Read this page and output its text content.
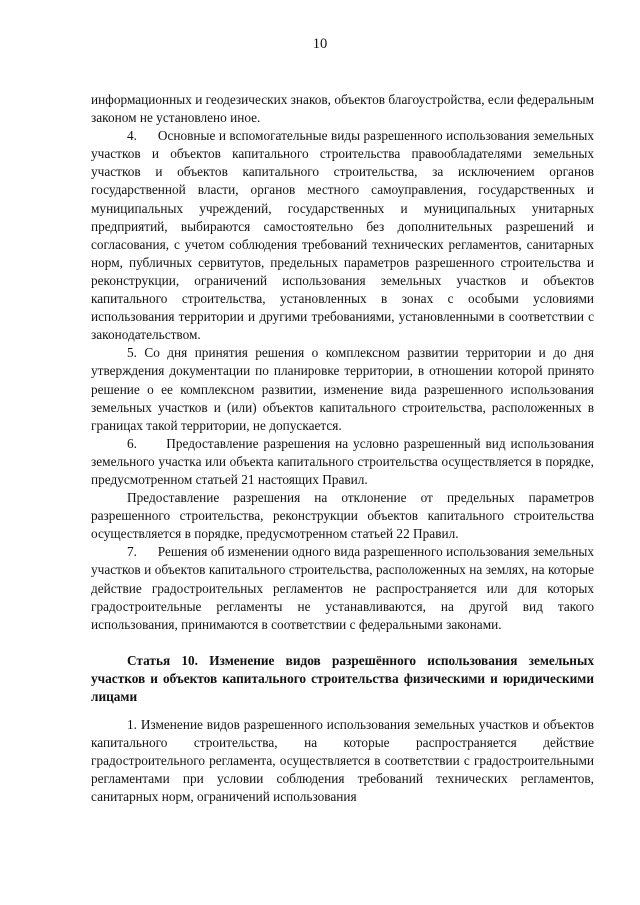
10

информационных и геодезических знаков, объектов благоустройства, если федеральным законом не установлено иное.

4.      Основные и вспомогательные виды разрешенного использования земельных участков и объектов капитального строительства правообладателями земельных участков и объектов капитального строительства, за исключением органов государственной власти, органов местного самоуправления, государственных и муниципальных учреждений, государственных и муниципальных унитарных предприятий, выбираются самостоятельно без дополнительных разрешений и согласования, с учетом соблюдения требований технических регламентов, санитарных норм, публичных сервитутов, предельных параметров разрешенного строительства и реконструкции, ограничений использования земельных участков и объектов капитального строительства, установленных в зонах с особыми условиями использования территории и другими требованиями, установленными в соответствии с законодательством.

5. Со дня принятия решения о комплексном развитии территории и до дня утверждения документации по планировке территории, в отношении которой принято решение о ее комплексном развитии, изменение вида разрешенного использования земельных участков и (или) объектов капитального строительства, расположенных в границах такой территории, не допускается.

6.      Предоставление разрешения на условно разрешенный вид использования земельного участка или объекта капитального строительства осуществляется в порядке, предусмотренном статьей 21 настоящих Правил.

Предоставление разрешения на отклонение от предельных параметров разрешенного строительства, реконструкции объектов капитального строительства осуществляется в порядке, предусмотренном статьей 22 Правил.

7.      Решения об изменении одного вида разрешенного использования земельных участков и объектов капитального строительства, расположенных на землях, на которые действие градостроительных регламентов не распространяется или для которых градостроительные регламенты не устанавливаются, на другой вид такого использования, принимаются в соответствии с федеральными законами.

Статья 10. Изменение видов разрешённого использования земельных участков и объектов капитального строительства физическими и юридическими лицами

1. Изменение видов разрешенного использования земельных участков и объектов капитального строительства, на которые распространяется действие градостроительного регламента, осуществляется в соответствии с градостроительными регламентами при условии соблюдения требований технических регламентов, санитарных норм, ограничений использования
